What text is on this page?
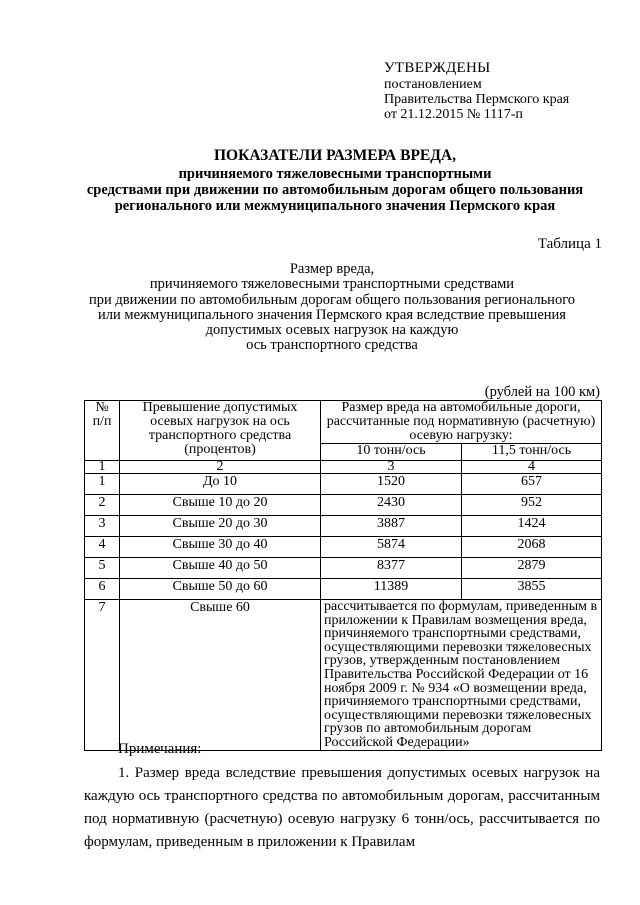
УТВЕРЖДЕНЫ
постановлением
Правительства Пермского края
от 21.12.2015 № 1117-п
ПОКАЗАТЕЛИ РАЗМЕРА ВРЕДА,
причиняемого тяжеловесными транспортными
средствами при движении по автомобильным дорогам общего пользования
регионального или межмуниципального значения Пермского края
Таблица 1
Размер вреда,
причиняемого тяжеловесными транспортными средствами
при движении по автомобильным дорогам общего пользования регионального
или межмуниципального значения Пермского края вследствие превышения
допустимых осевых нагрузок на каждую
ось транспортного средства
(рублей на 100 км)
№ п/п	Превышение допустимых осевых нагрузок на ось транспортного средства (процентов)	Размер вреда на автомобильные дороги, рассчитанные под нормативную (расчетную) осевую нагрузку:	
		10 тонн/ось	11,5 тонн/ось
1	2	3	4
1	До 10	1520	657
2	Свыше 10 до 20	2430	952
3	Свыше 20 до 30	3887	1424
4	Свыше 30 до 40	5874	2068
5	Свыше 40 до 50	8377	2879
6	Свыше 50 до 60	11389	3855
7	Свыше 60	рассчитывается по формулам, приведенным в приложении к Правилам возмещения вреда, причиняемого транспортными средствами, осуществляющими перевозки тяжеловесных грузов, утвержденным постановлением Правительства Российской Федерации от 16 ноября 2009 г. № 934 «О возмещении вреда, причиняемого транспортными средствами, осуществляющими перевозки тяжеловесных грузов по автомобильным дорогам Российской Федерации»	
Примечания:
1. Размер вреда вследствие превышения допустимых осевых нагрузок на каждую ось транспортного средства по автомобильным дорогам, рассчитанным под нормативную (расчетную) осевую нагрузку 6 тонн/ось, рассчитывается по формулам, приведенным в приложении к Правилам
